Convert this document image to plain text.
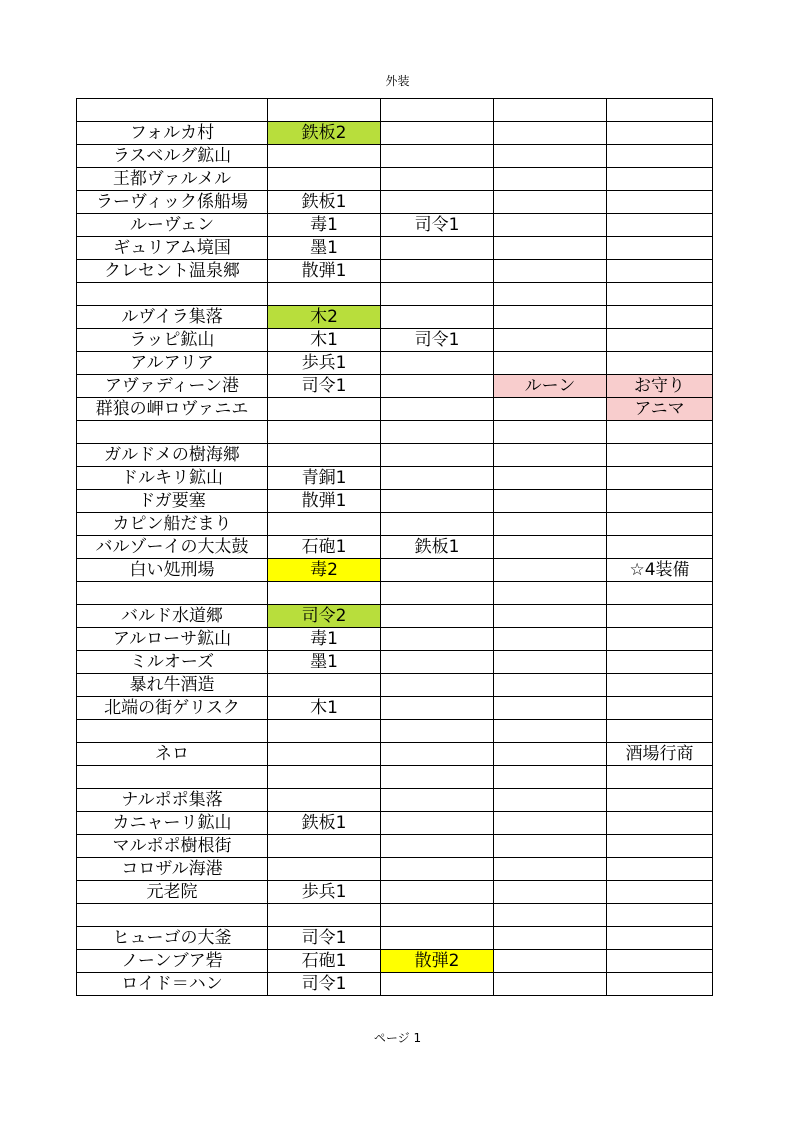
外装

フォルカ村	鉄板2			
ラスベルグ鉱山				
王都ヴァルメル				
ラーヴィック係船場	鉄板1			
ルーヴェン	毒1	司令1		
ギュリアム境国	墨1			
クレセント温泉郷	散弾1			

ルヴイラ集落	木2			
ラッピ鉱山	木1	司令1		
アルアリア	歩兵1			
アヴァディーン港	司令1		ルーン	お守り
群狼の岬ロヴァニエ				アニマ

ガルドメの樹海郷				
ドルキリ鉱山	青銅1			
ドガ要塞	散弾1			
カピン船だまり				
バルゾーイの大太鼓	石砲1	鉄板1		
白い処刑場	毒2			☆4装備

バルド水道郷	司令2			
アルローサ鉱山	毒1			
ミルオーズ	墨1			
暴れ牛酒造				
北端の街ゲリスク	木1			

ネロ				酒場行商

ナルポポ集落				
カニャーリ鉱山	鉄板1			
マルポポ樹根街				
コロザル海港				
元老院	歩兵1			

ヒューゴの大釜	司令1			
ノーンブア砦	石砲1	散弾2		
ロイド＝ハン	司令1			
ページ 1
